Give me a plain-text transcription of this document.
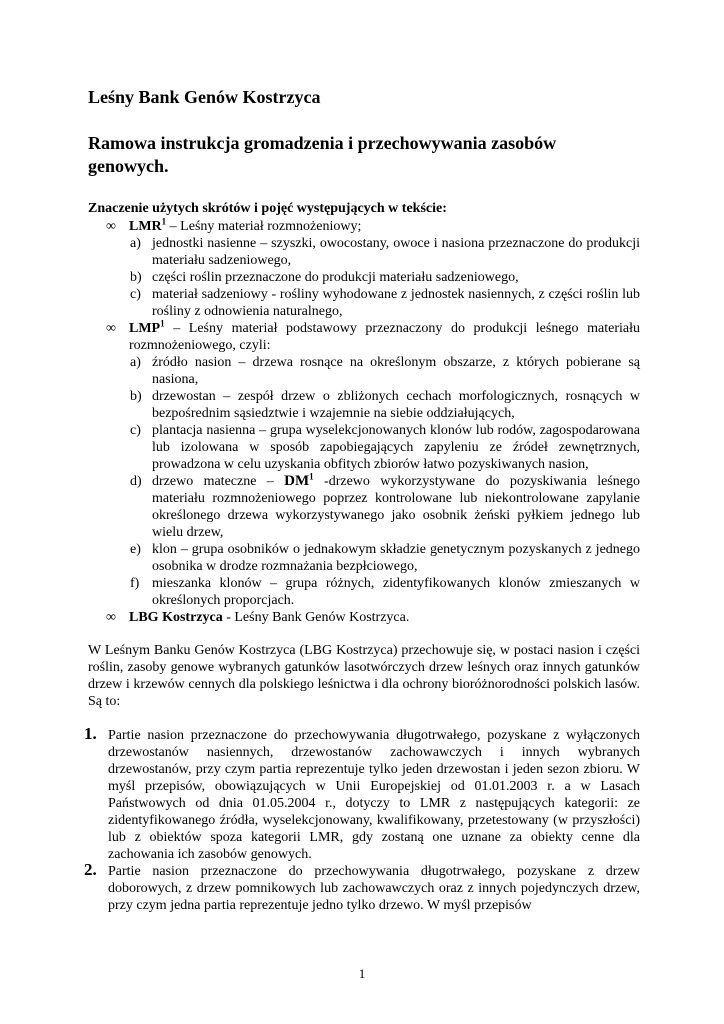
Leśny Bank Genów Kostrzyca
Ramowa instrukcja gromadzenia i przechowywania zasobów genowych.

Znaczenie użytych skrótów i pojęć występujących w tekście:

∞ LMR$^1$ – Leśny materiał rozmnożeniowy;
a) jednostki nasienne – szyszki, owocostany, owoce i nasiona przeznaczone do produkcji materiału sadzeniowego,
b) części roślin przeznaczone do produkcji materiału sadzeniowego,
c) materiał sadzeniowy - rośliny wyhodowane z jednostek nasiennych, z części roślin lub rośliny z odnowienia naturalnego,
∞ LMP$^1$ – Leśny materiał podstawowy przeznaczony do produkcji leśnego materiału rozmnożeniowego, czyli:
a) źródło nasion – drzewa rosnące na określonym obszarze, z których pobierane są nasiona,
b) drzewostan – zespół drzew o zbliżonych cechach morfologicznych, rosnących w bezpośrednim sąsiedztwie i wzajemnie na siebie oddziałujących,
c) plantacja nasienna – grupa wyselekcjonowanych klonów lub rodów, zagospodarowana lub izolowana w sposób zapobiegających zapyleniu ze źródeł zewnętrznych, prowadzona w celu uzyskania obfitych zbiorów łatwo pozyskiwanych nasion,
d) drzewo mateczne – $DM^1$ -drzewo wykorzystywane do pozyskiwania leśnego materiału rozmnożeniowego poprzez kontrolowane lub niekontrolowane zapylanie określonego drzewa wykorzystywanego jako osobnik żeński pyłkiem jednego lub wielu drzew,
e) klon – grupa osobników o jednakowym składzie genetycznym pozyskanych z jednego osobnika w drodze rozmnażania bezpłciowego,
f) mieszanka klonów – grupa różnych, zidentyfikowanych klonów zmieszanych w określonych proporcjach.
∞ LBG Kostrzyca - Leśny Bank Genów Kostrzyca.

W Leśnym Banku Genów Kostrzyca (LBG Kostrzyca) przechowuje się, w postaci nasion i części roślin, zasoby genowe wybranych gatunków lasotwórczych drzew leśnych oraz innych gatunków drzew i krzewów cennych dla polskiego leśnictwa i dla ochrony bioróżnorodności polskich lasów. Są to:

1. Partie nasion przeznaczone do przechowywania długotrwałego, pozyskane z wyłączonych drzewostanów nasiennych, drzewostanów zachowawczych i innych wybranych drzewostanów, przy czym partia reprezentuje tylko jeden drzewostan i jeden sezon zbioru. W myśl przepisów, obowiązujących w Unii Europejskiej od 01.01.2003 r. a w Lasach Państwowych od dnia 01.05.2004 r., dotyczy to LMR z następujących kategorii: ze zidentyfikowanego źródła, wyselekcjonowany, kwalifikowany, przetestowany (w przyszłości) lub z obiektów spoza kategorii LMR, gdy zostaną one uznane za obiekty cenne dla zachowania ich zasobów genowych.

2. Partie nasion przeznaczone do przechowywania długotrwałego, pozyskane z drzew doborowych, z drzew pomnikowych lub zachowawczych oraz z innych pojedynczych drzew, przy czym jedna partia reprezentuje jedno tylko drzewo. W myśl przepisów

1
